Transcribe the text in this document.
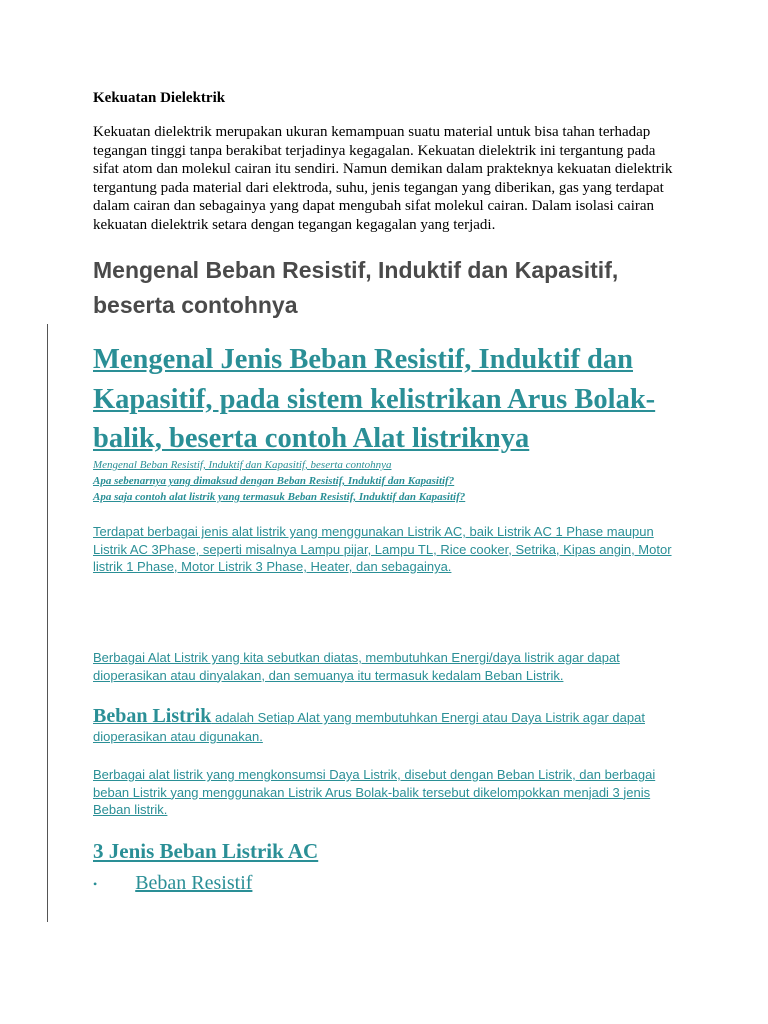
Kekuatan Dielektrik

Kekuatan dielektrik merupakan ukuran kemampuan suatu material untuk bisa tahan terhadap tegangan tinggi tanpa berakibat terjadinya kegagalan. Kekuatan dielektrik ini tergantung pada sifat atom dan molekul cairan itu sendiri. Namun demikan dalam prakteknya kekuatan dielektrik tergantung pada material dari elektroda, suhu, jenis tegangan yang diberikan, gas yang terdapat dalam cairan dan sebagainya yang dapat mengubah sifat molekul cairan. Dalam isolasi cairan kekuatan dielektrik setara dengan tegangan kegagalan yang terjadi.

Mengenal Beban Resistif, Induktif dan Kapasitif, beserta contohnya
Mengenal Jenis Beban Resistif, Induktif dan Kapasitif, pada sistem kelistrikan Arus Bolak-balik, beserta contoh Alat listriknya
Mengenal Beban Resistif, Induktif dan Kapasitif, beserta contohnya
Apa sebenarnya yang dimaksud dengan Beban Resistif, Induktif dan Kapasitif?
Apa saja contoh alat listrik yang termasuk Beban Resistif, Induktif dan Kapasitif?

Terdapat berbagai jenis alat listrik yang menggunakan Listrik AC, baik Listrik AC 1 Phase maupun Listrik AC 3Phase, seperti misalnya Lampu pijar, Lampu TL, Rice cooker, Setrika, Kipas angin, Motor listrik 1 Phase, Motor Listrik 3 Phase, Heater, dan sebagainya.

Berbagai Alat Listrik yang kita sebutkan diatas, membutuhkan Energi/daya listrik agar dapat dioperasikan atau dinyalakan, dan semuanya itu termasuk kedalam Beban Listrik.

Beban Listrik adalah Setiap Alat yang membutuhkan Energi atau Daya Listrik agar dapat dioperasikan atau digunakan.

Berbagai alat listrik yang mengkonsumsi Daya Listrik, disebut dengan Beban Listrik, dan berbagai beban Listrik yang menggunakan Listrik Arus Bolak-balik tersebut dikelompokkan menjadi 3 jenis Beban listrik.

3 Jenis Beban Listrik AC
• Beban Resistif
